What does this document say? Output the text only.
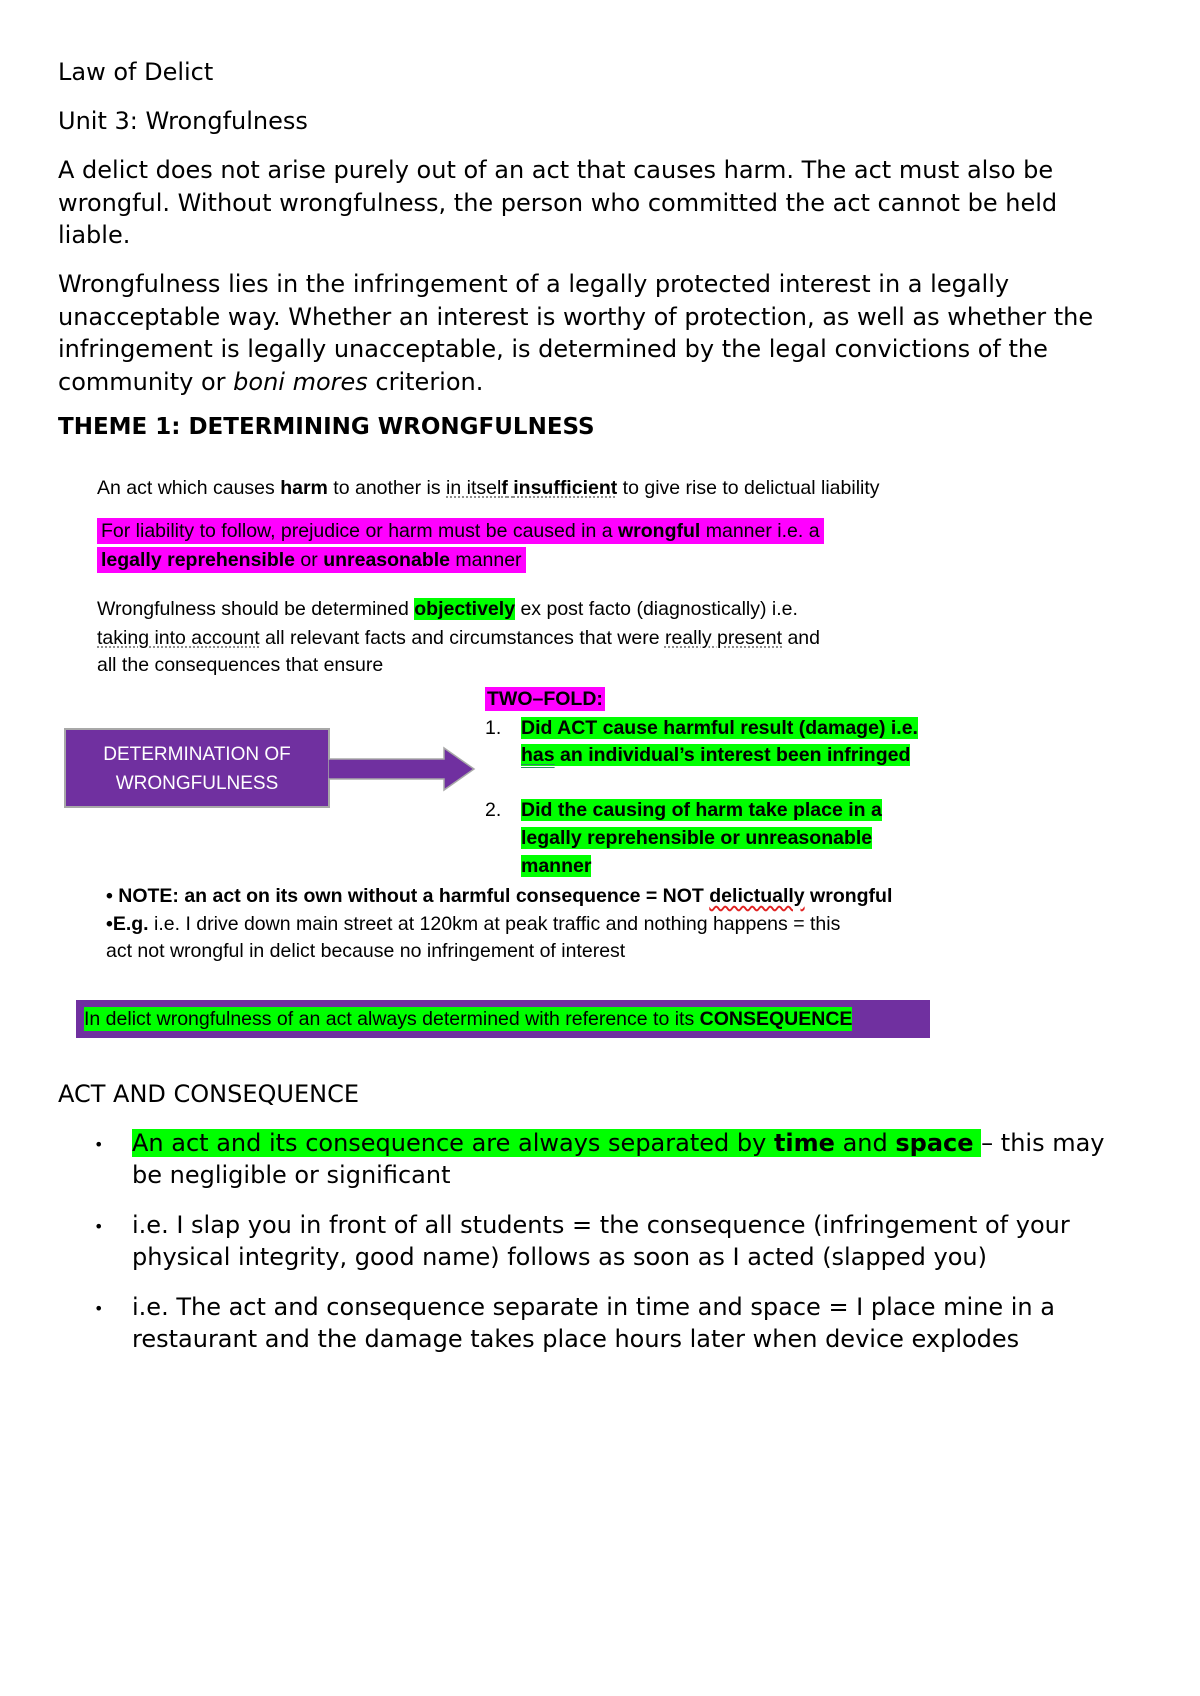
Law of Delict
Unit 3: Wrongfulness
A delict does not arise purely out of an act that causes harm. The act must also be
wrongful. Without wrongfulness, the person who committed the act cannot be held
liable.
Wrongfulness lies in the infringement of a legally protected interest in a legally
unacceptable way. Whether an interest is worthy of protection, as well as whether the
infringement is legally unacceptable, is determined by the legal convictions of the
community or boni mores criterion.
THEME 1: DETERMINING WRONGFULNESS
An act which causes harm to another is in itself insufficient to give rise to delictual liability
For liability to follow, prejudice or harm must be caused in a wrongful manner i.e. a
legally reprehensible or unreasonable manner
Wrongfulness should be determined objectively ex post facto (diagnostically) i.e.
taking into account all relevant facts and circumstances that were really present and
all the consequences that ensure
DETERMINATION OF
WRONGFULNESS
TWO–FOLD:
1. Did ACT cause harmful result (damage) i.e.
has an individual’s interest been infringed
2. Did the causing of harm take place in a
legally reprehensible or unreasonable
manner
• NOTE: an act on its own without a harmful consequence = NOT delictually wrongful
•E.g. i.e. I drive down main street at 120km at peak traffic and nothing happens = this
act not wrongful in delict because no infringement of interest
In delict wrongfulness of an act always determined with reference to its CONSEQUENCE
ACT AND CONSEQUENCE
• An act and its consequence are always separated by time and space – this may
be negligible or significant
• i.e. I slap you in front of all students = the consequence (infringement of your
physical integrity, good name) follows as soon as I acted (slapped you)
• i.e. The act and consequence separate in time and space = I place mine in a
restaurant and the damage takes place hours later when device explodes
